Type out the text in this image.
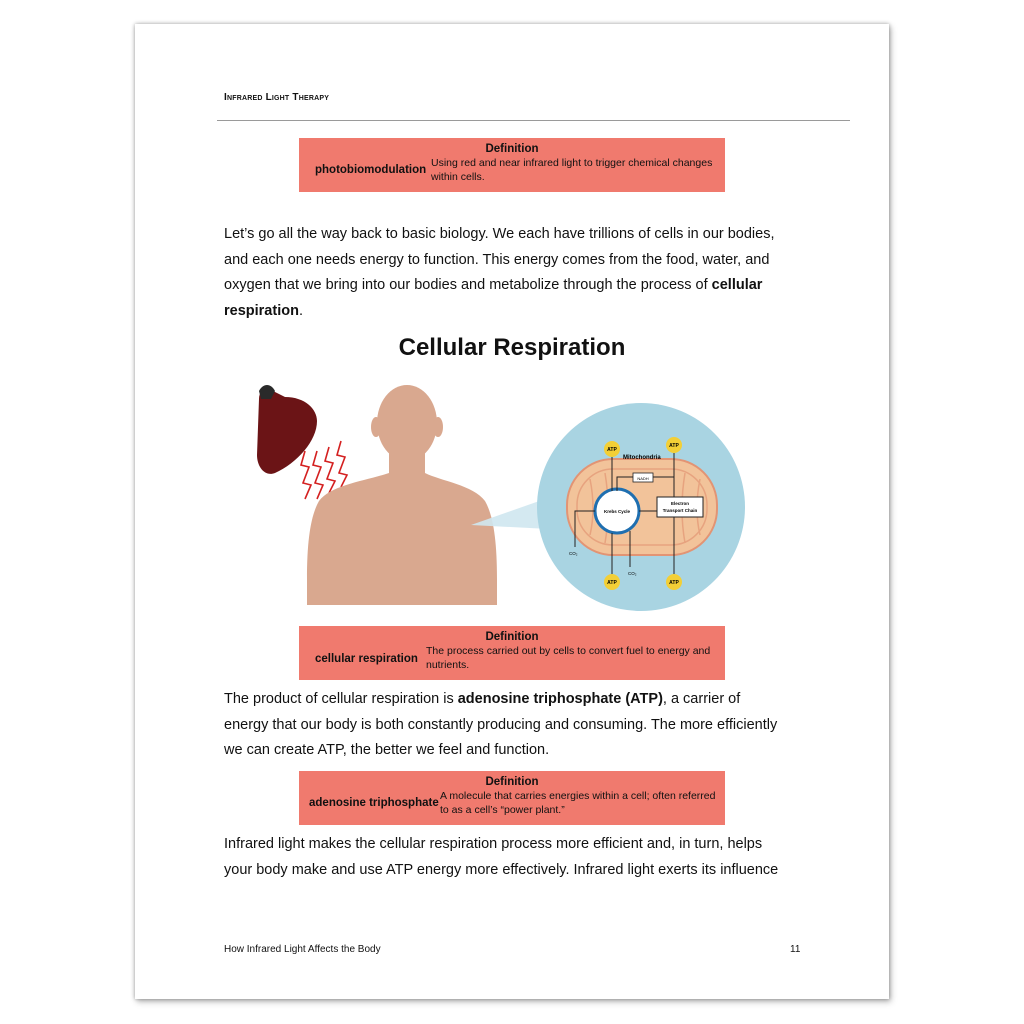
Infrared Light Therapy
Definition
photobiomodulation
Using red and near infrared light to trigger chemical changes
within cells.
Let’s go all the way back to basic biology. We each have trillions of cells in our bodies,
and each one needs energy to function. This energy comes from the food, water, and
oxygen that we bring into our bodies and metabolize through the process of cellular
respiration.
Cellular Respiration
ATP
ATP
ATP	ATP
Mitochondria
NADH
Krebs Cycle
Electron
Transport Chain
CO₂
CO₂
Definition
cellular respiration
The process carried out by cells to convert fuel to energy and
nutrients.
The product of cellular respiration is adenosine triphosphate (ATP), a carrier of
energy that our body is both constantly producing and consuming. The more efficiently
we can create ATP, the better we feel and function.
Definition
adenosine triphosphate
A molecule that carries energies within a cell; often referred
to as a cell’s “power plant.”
Infrared light makes the cellular respiration process more efficient and, in turn, helps
your body make and use ATP energy more effectively. Infrared light exerts its influence
How Infrared Light Affects the Body	11
